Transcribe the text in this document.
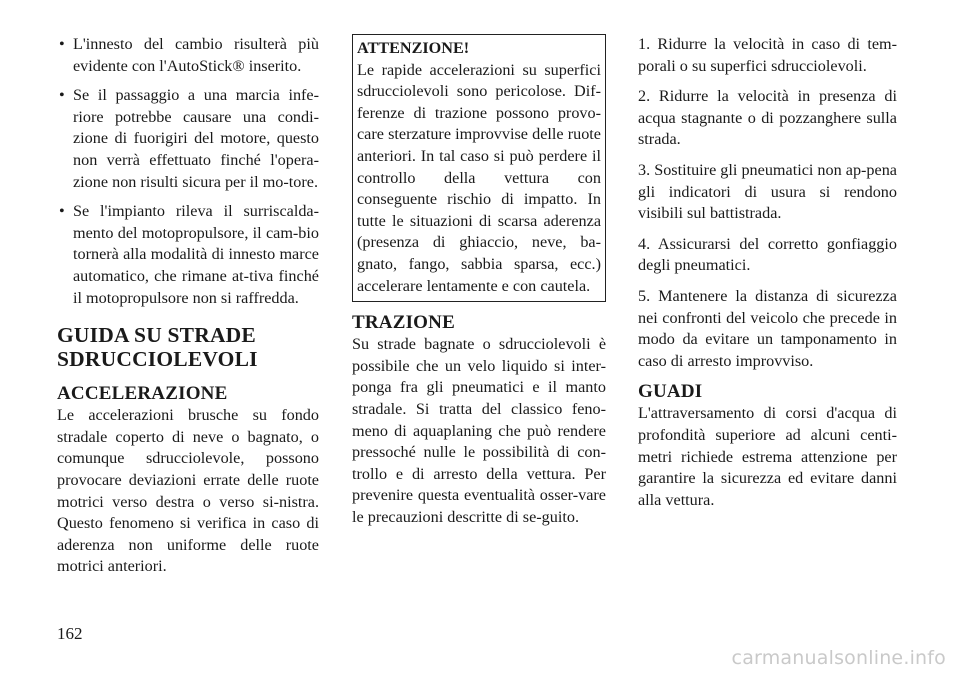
• L'innesto del cambio risulterà più evidente con l'AutoStick® inserito.
• Se il passaggio a una marcia infe-riore potrebbe causare una condi-zione di fuorigiri del motore, questo non verrà effettuato finché l'opera-zione non risulti sicura per il mo-tore.
• Se l'impianto rileva il surriscalda-mento del motopropulsore, il cam-bio tornerà alla modalità di innesto marce automatico, che rimane at-tiva finché il motopropulsore non si raffredda.
GUIDA SU STRADE SDRUCCIOLEVOLI
ACCELERAZIONE

Le accelerazioni brusche su fondo stradale coperto di neve o bagnato, o comunque sdrucciolevole, possono provocare deviazioni errate delle ruote motrici verso destra o verso si-nistra. Questo fenomeno si verifica in caso di aderenza non uniforme delle ruote motrici anteriori.

ATTENZIONE!
Le rapide accelerazioni su superfici sdrucciolevoli sono pericolose. Dif-ferenze di trazione possono provo-care sterzature improvvise delle ruote anteriori. In tal caso si può perdere il controllo della vettura con conseguente rischio di impatto. In tutte le situazioni di scarsa aderenza (presenza di ghiaccio, neve, ba-gnato, fango, sabbia sparsa, ecc.) accelerare lentamente e con cautela.
TRAZIONE

Su strade bagnate o sdrucciolevoli è possibile che un velo liquido si inter-ponga fra gli pneumatici e il manto stradale. Si tratta del classico feno-meno di aquaplaning che può rendere pressoché nulle le possibilità di con-trollo e di arresto della vettura. Per prevenire questa eventualità osser-vare le precauzioni descritte di se-guito.

1. Ridurre la velocità in caso di tem-porali o su superfici sdrucciolevoli.

2. Ridurre la velocità in presenza di acqua stagnante o di pozzanghere sulla strada.

3. Sostituire gli pneumatici non ap-pena gli indicatori di usura si rendono visibili sul battistrada.

4. Assicurarsi del corretto gonfiaggio degli pneumatici.

5. Mantenere la distanza di sicurezza nei confronti del veicolo che precede in modo da evitare un tamponamento in caso di arresto improvviso.

GUADI

L'attraversamento di corsi d'acqua di profondità superiore ad alcuni centi-metri richiede estrema attenzione per garantire la sicurezza ed evitare danni alla vettura.

162
carmanualsonline.info
